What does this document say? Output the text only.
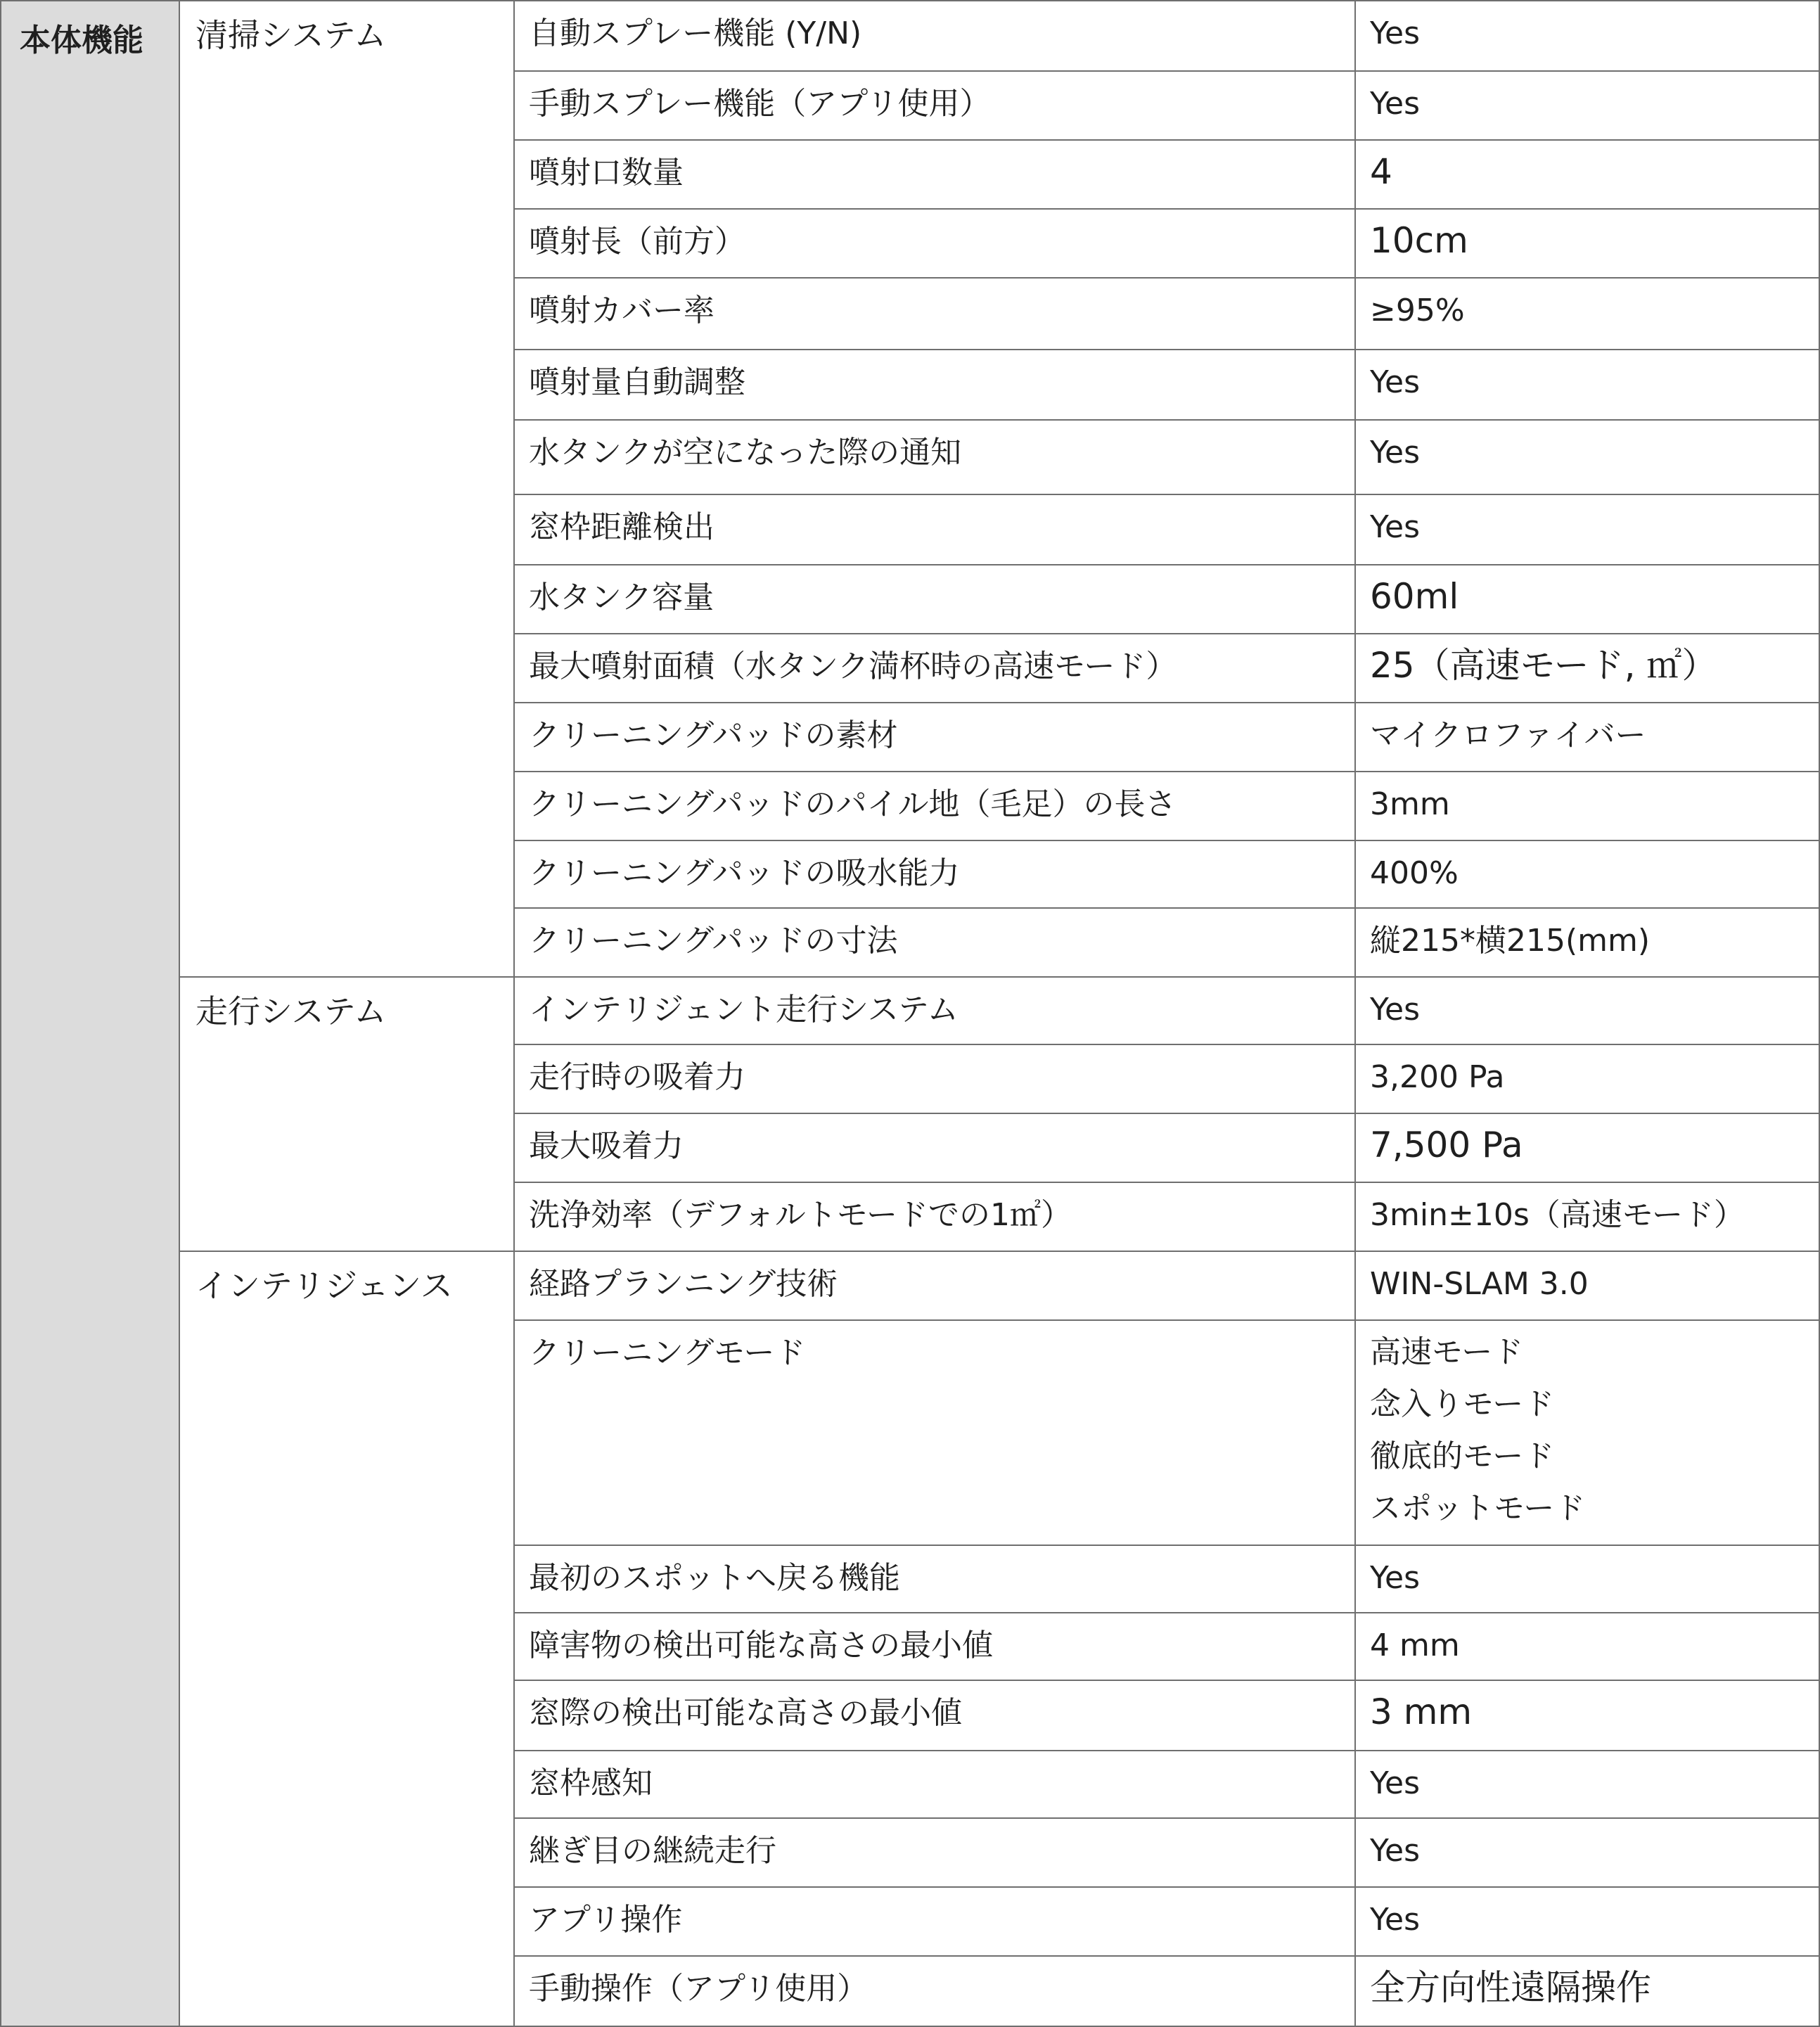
本体機能	清掃システム	自動スプレー機能 (Y/N)	Yes
		手動スプレー機能（アプリ使用）	Yes
		噴射口数量	4
		噴射長（前方）	10cm
		噴射カバー率	≥95%
		噴射量自動調整	Yes
		水タンクが空になった際の通知	Yes
		窓枠距離検出	Yes
		水タンク容量	60ml
		最大噴射面積（水タンク満杯時の高速モード）	25（高速モード, ㎡）
		クリーニングパッドの素材	マイクロファイバー
		クリーニングパッドのパイル地（毛足）の長さ	3mm
		クリーニングパッドの吸水能力	400%
		クリーニングパッドの寸法	縦215*横215(mm)
	走行システム	インテリジェント走行システム	Yes
		走行時の吸着力	3,200 Pa
		最大吸着力	7,500 Pa
		洗浄効率（デフォルトモードでの1㎡）	3min±10s（高速モード）
	インテリジェンス	経路プランニング技術	WIN-SLAM 3.0
		クリーニングモード	高速モード
念入りモード
徹底的モード
スポットモード

		最初のスポットへ戻る機能	Yes
		障害物の検出可能な高さの最小値	4 mm
		窓際の検出可能な高さの最小値	3 mm
		窓枠感知	Yes
		継ぎ目の継続走行	Yes
		アプリ操作	Yes
		手動操作（アプリ使用）	全方向性遠隔操作
